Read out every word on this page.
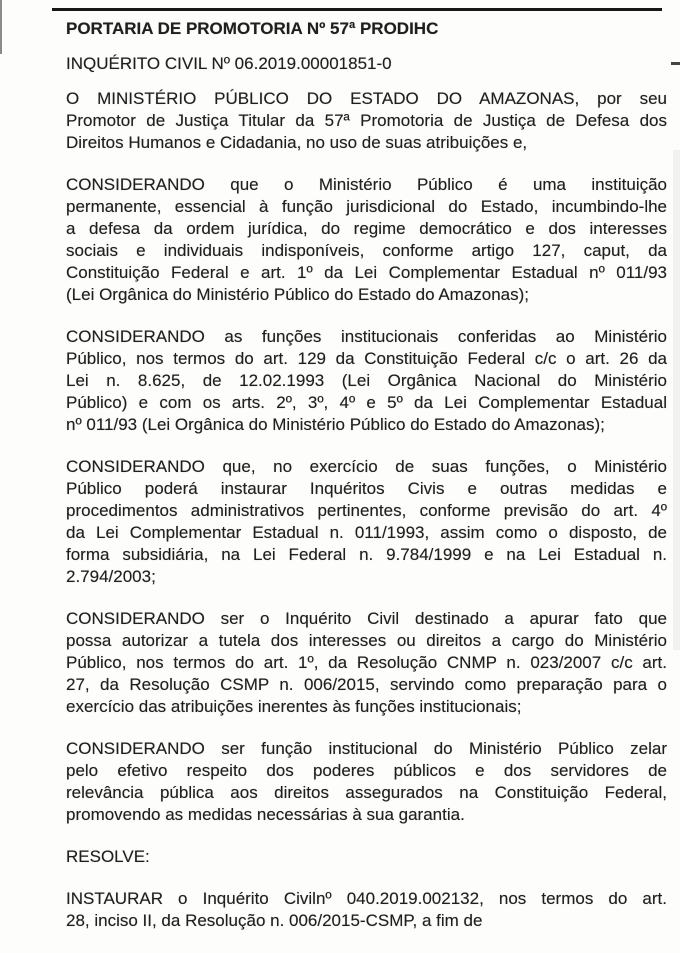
PORTARIA DE PROMOTORIA Nº 57ª PRODIHC
INQUÉRITO CIVIL Nº 06.2019.00001851-0
O MINISTÉRIO PÚBLICO DO ESTADO DO AMAZONAS, por seu
Promotor de Justiça Titular da 57ª Promotoria de Justiça de Defesa dos
Direitos Humanos e Cidadania, no uso de suas atribuições e,
CONSIDERANDO que o Ministério Público é uma instituição
permanente, essencial à função jurisdicional do Estado, incumbindo-lhe
a defesa da ordem jurídica, do regime democrático e dos interesses
sociais e individuais indisponíveis, conforme artigo 127, caput, da
Constituição Federal e art. 1º da Lei Complementar Estadual nº 011/93
(Lei Orgânica do Ministério Público do Estado do Amazonas);
CONSIDERANDO as funções institucionais conferidas ao Ministério
Público, nos termos do art. 129 da Constituição Federal c/c o art. 26 da
Lei n. 8.625, de 12.02.1993 (Lei Orgânica Nacional do Ministério
Público) e com os arts. 2º, 3º, 4º e 5º da Lei Complementar Estadual
nº 011/93 (Lei Orgânica do Ministério Público do Estado do Amazonas);
CONSIDERANDO que, no exercício de suas funções, o Ministério
Público poderá instaurar Inquéritos Civis e outras medidas e
procedimentos administrativos pertinentes, conforme previsão do art. 4º
da Lei Complementar Estadual n. 011/1993, assim como o disposto, de
forma subsidiária, na Lei Federal n. 9.784/1999 e na Lei Estadual n.
2.794/2003;
CONSIDERANDO ser o Inquérito Civil destinado a apurar fato que
possa autorizar a tutela dos interesses ou direitos a cargo do Ministério
Público, nos termos do art. 1º, da Resolução CNMP n. 023/2007 c/c art.
27, da Resolução CSMP n. 006/2015, servindo como preparação para o
exercício das atribuições inerentes às funções institucionais;
CONSIDERANDO ser função institucional do Ministério Público zelar
pelo efetivo respeito dos poderes públicos e dos servidores de
relevância pública aos direitos assegurados na Constituição Federal,
promovendo as medidas necessárias à sua garantia.
RESOLVE:
INSTAURAR o Inquérito Civilnº 040.2019.002132, nos termos do art.
28, inciso II, da Resolução n. 006/2015-CSMP, a fim de
